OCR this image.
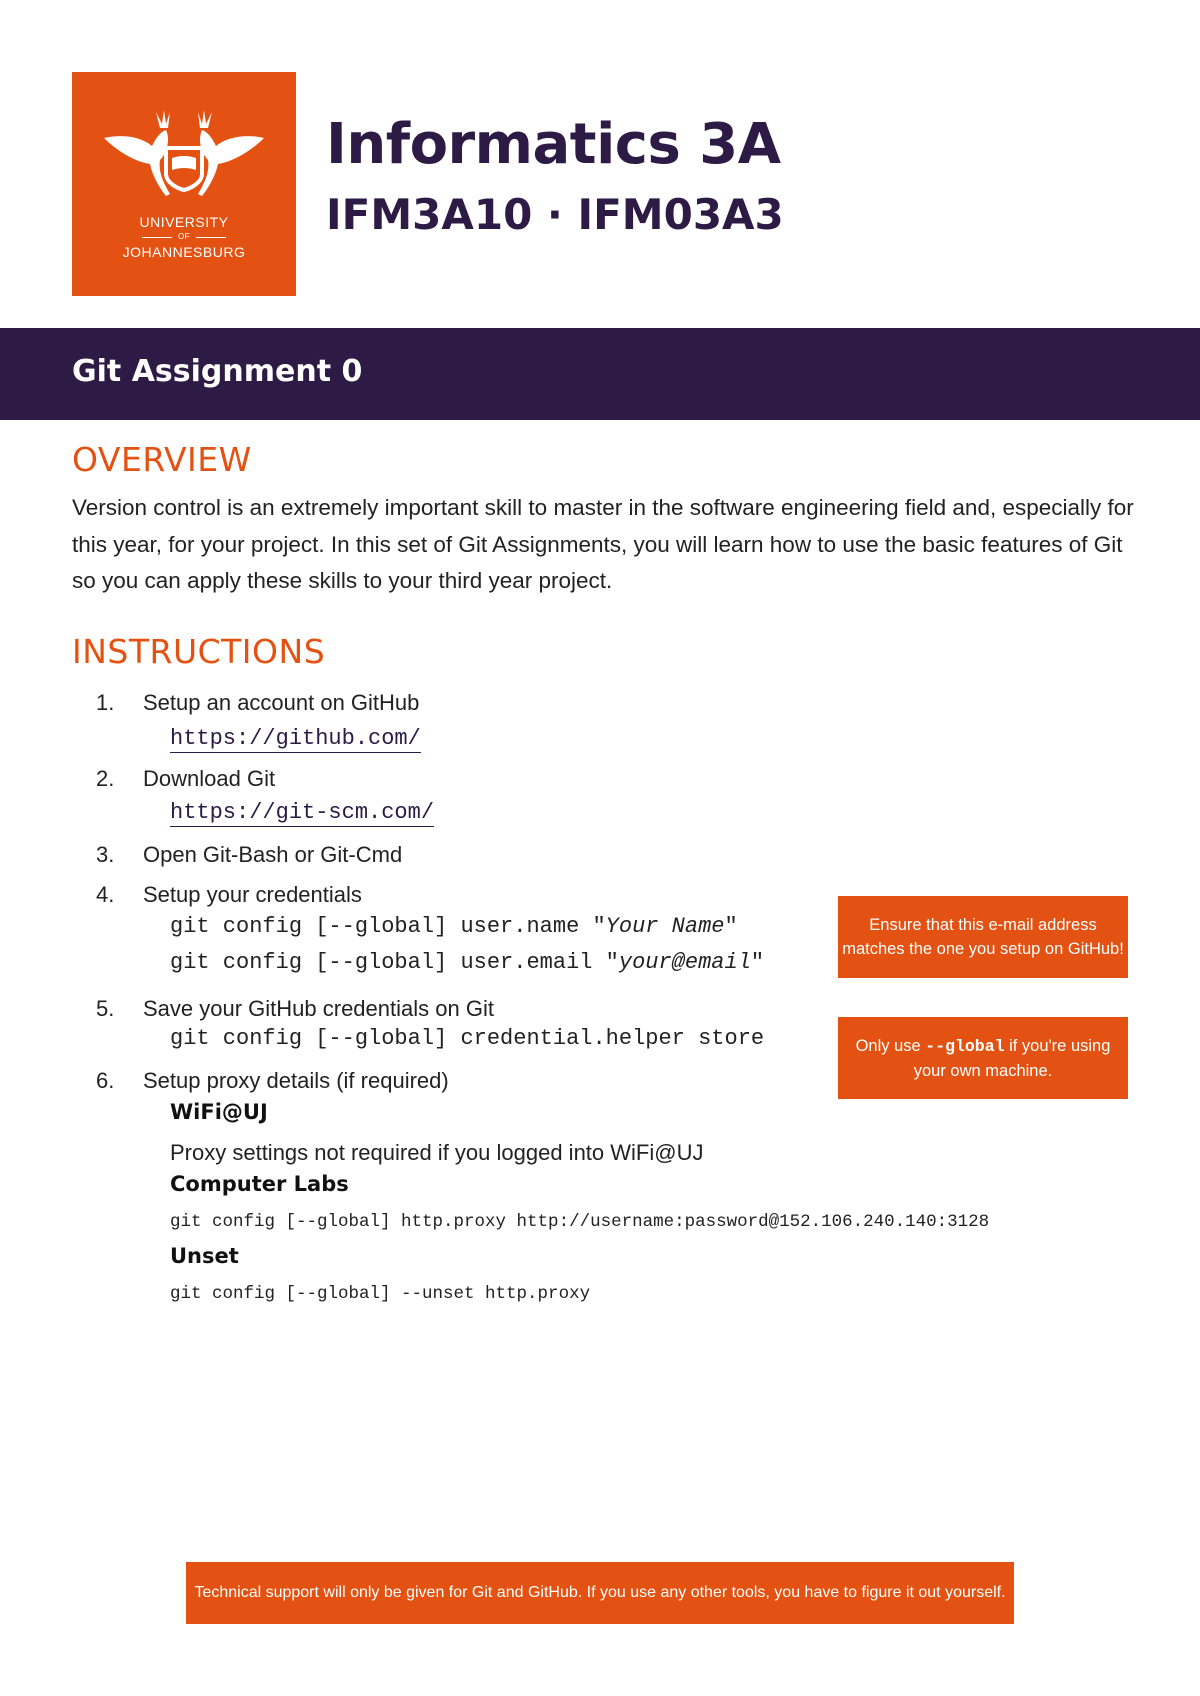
UNIVERSITY
OF
JOHANNESBURG
Informatics 3A
IFM3A10 · IFM03A3
Git Assignment 0
OVERVIEW
Version control is an extremely important skill to master in the software engineering field and, especially for this year, for your project. In this set of Git Assignments, you will learn how to use the basic features of Git so you can apply these skills to your third year project.
INSTRUCTIONS
1. Setup an account on GitHub
https://github.com/
2. Download Git
https://git-scm.com/
3. Open Git-Bash or Git-Cmd
4. Setup your credentials
git config [--global] user.name "Your Name"
git config [--global] user.email "your@email"
5. Save your GitHub credentials on Git
git config [--global] credential.helper store
6. Setup proxy details (if required)
WiFi@UJ
Proxy settings not required if you logged into WiFi@UJ
Computer Labs
git config [--global] http.proxy http://username:password@152.106.240.140:3128
Unset
git config [--global] --unset http.proxy
Ensure that this e-mail address
matches the one you setup on GitHub!
Only use --global if you're using
your own machine.
Technical support will only be given for Git and GitHub. If you use any other tools, you have to figure it out yourself.
